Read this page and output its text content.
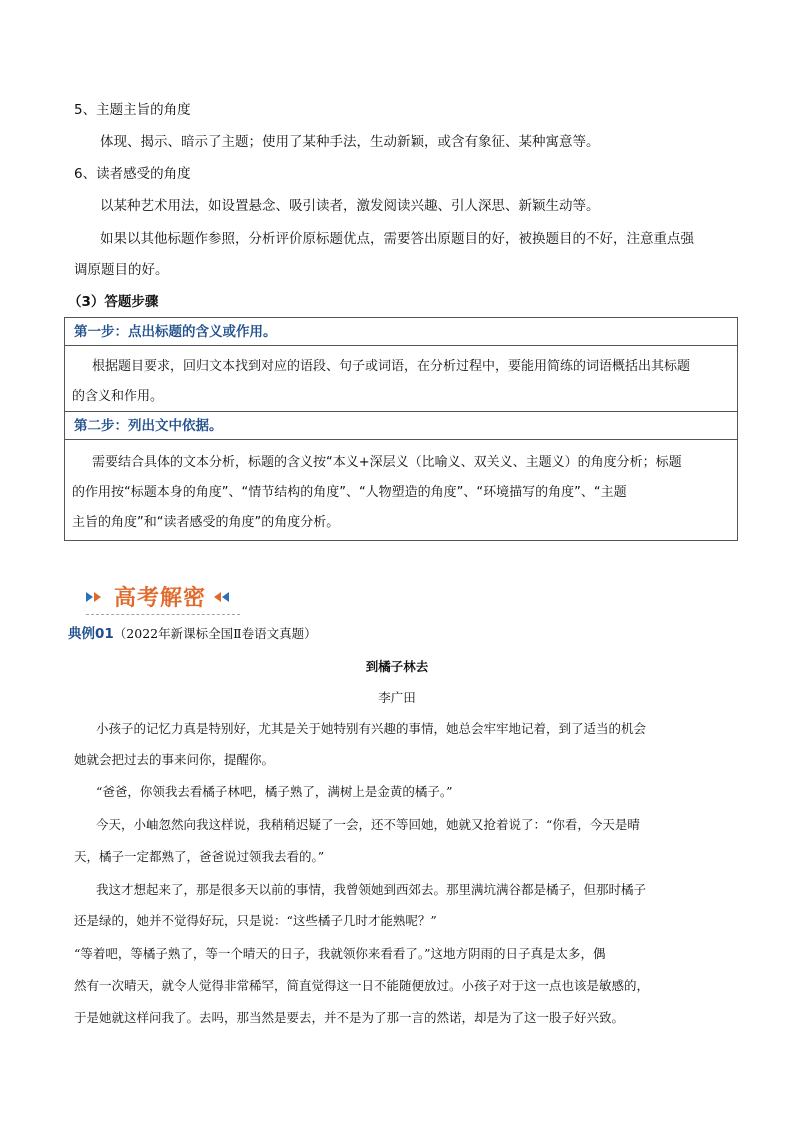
5、主题主旨的角度
体现、揭示、暗示了主题；使用了某种手法，生动新颖，或含有象征、某种寓意等。
6、读者感受的角度
以某种艺术用法，如设置悬念、吸引读者，激发阅读兴趣、引人深思、新颖生动等。
如果以其他标题作参照，分析评价原标题优点，需要答出原题目的好，被换题目的不好，注意重点强
调原题目的好。
（3）答题步骤
第一步：点出标题的含义或作用。
根据题目要求，回归文本找到对应的语段、句子或词语，在分析过程中，要能用简练的词语概括出其标题
的含义和作用。
第二步：列出文中依据。
需要结合具体的文本分析，标题的含义按“本义+深层义（比喻义、双关义、主题义）的角度分析；标题
的作用按“标题本身的角度”、“情节结构的角度”、“人物塑造的角度”、“环境描写的角度”、“主题
主旨的角度”和“读者感受的角度”的角度分析。
高考解密
典例01（2022年新课标全国Ⅱ卷语文真题）
到橘子林去
李广田
小孩子的记忆力真是特别好，尤其是关于她特别有兴趣的事情，她总会牢牢地记着，到了适当的机会
她就会把过去的事来问你，提醒你。
“爸爸，你领我去看橘子林吧，橘子熟了，满树上是金黄的橘子。”
今天，小岫忽然向我这样说，我稍稍迟疑了一会，还不等回她，她就又抢着说了：“你看，今天是晴
天，橘子一定都熟了，爸爸说过领我去看的。”
我这才想起来了，那是很多天以前的事情，我曾领她到西郊去。那里满坑满谷都是橘子，但那时橘子
还是绿的，她并不觉得好玩，只是说：“这些橘子几时才能熟呢？”
“等着吧，等橘子熟了，等一个晴天的日子，我就领你来看看了。”这地方阴雨的日子真是太多，偶
然有一次晴天，就令人觉得非常稀罕，简直觉得这一日不能随便放过。小孩子对于这一点也该是敏感的，
于是她就这样问我了。去吗，那当然是要去，并不是为了那一言的然诺，却是为了这一股子好兴致。
